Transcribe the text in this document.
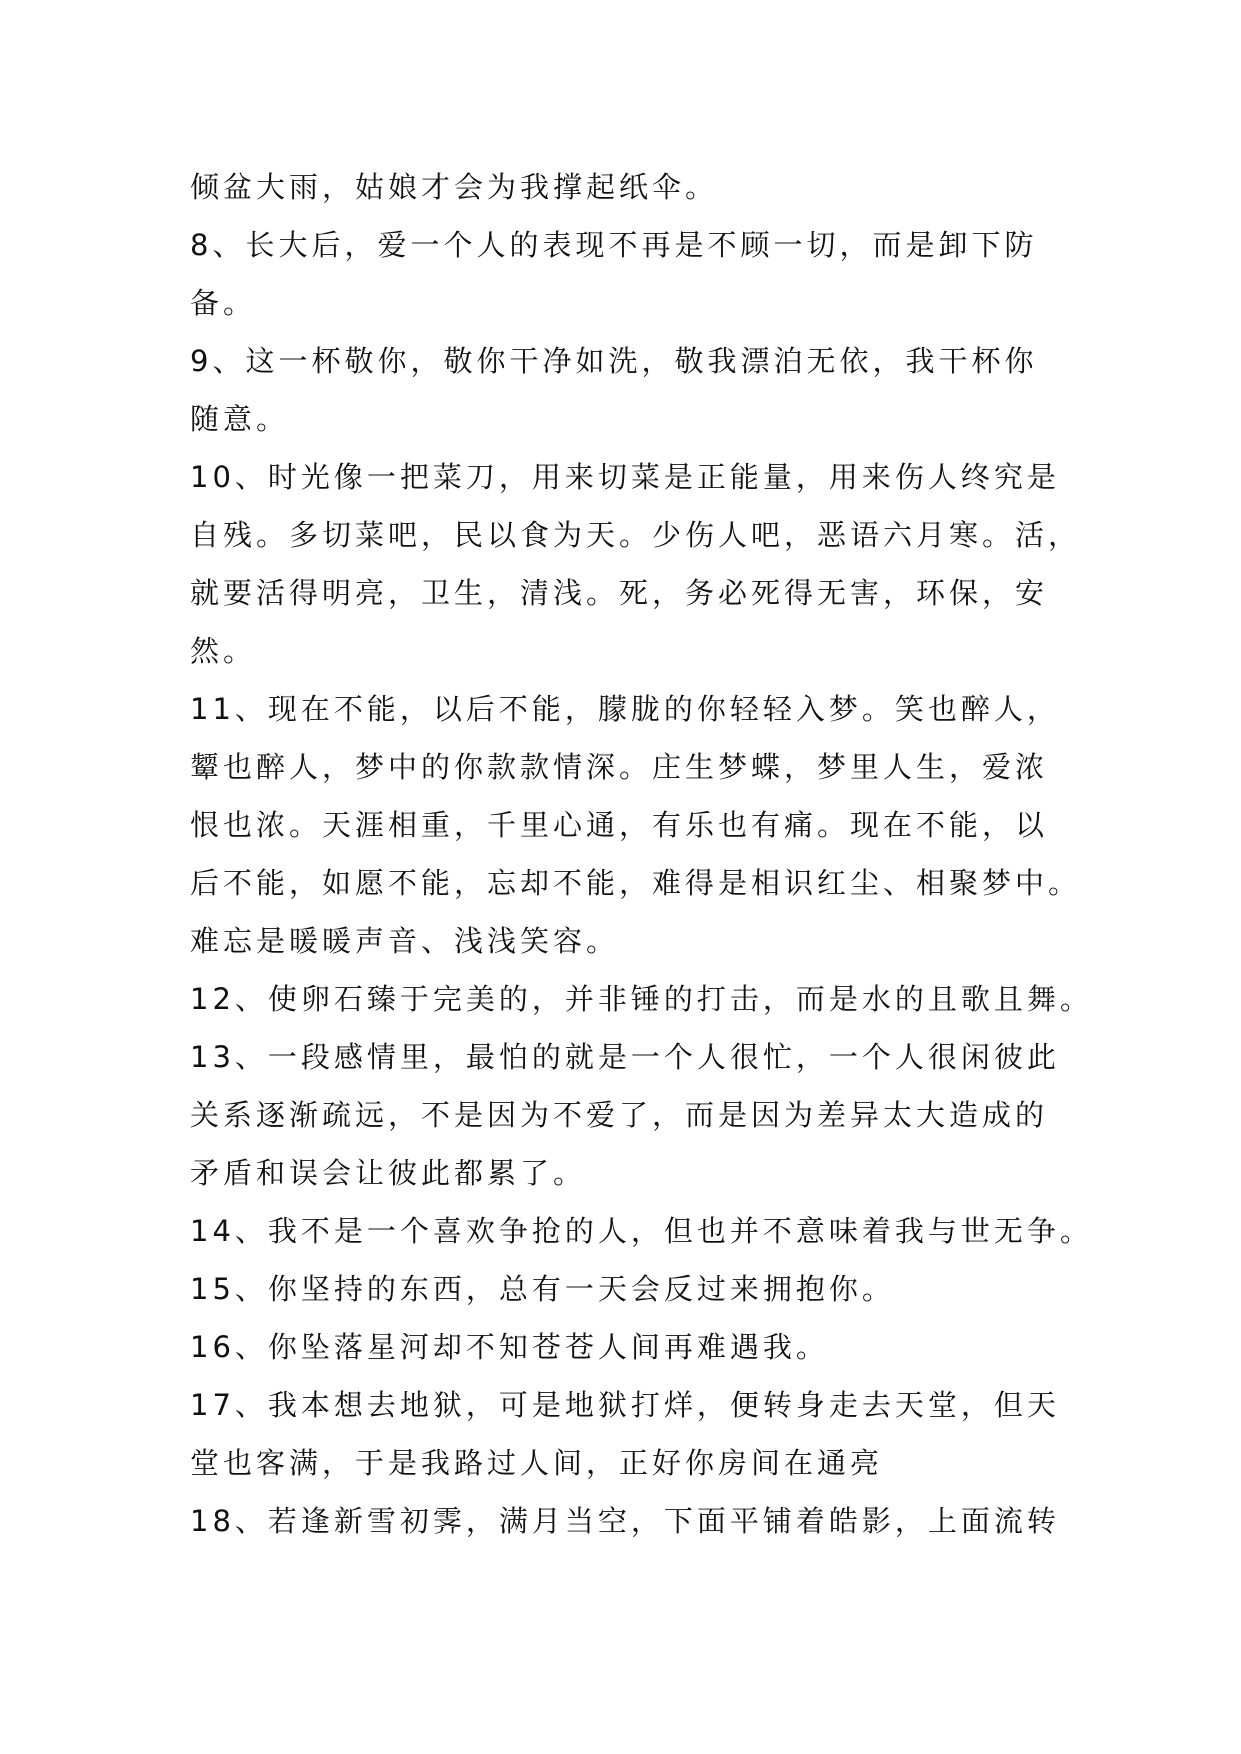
倾盆大雨，姑娘才会为我撑起纸伞。
8、长大后，爱一个人的表现不再是不顾一切，而是卸下防
备。
9、这一杯敬你，敬你干净如洗，敬我漂泊无依，我干杯你
随意。
10、时光像一把菜刀，用来切菜是正能量，用来伤人终究是
自残。多切菜吧，民以食为天。少伤人吧，恶语六月寒。活，
就要活得明亮，卫生，清浅。死，务必死得无害，环保，安
然。
11、现在不能，以后不能，朦胧的你轻轻入梦。笑也醉人，
颦也醉人，梦中的你款款情深。庄生梦蝶，梦里人生，爱浓
恨也浓。天涯相重，千里心通，有乐也有痛。现在不能，以
后不能，如愿不能，忘却不能，难得是相识红尘、相聚梦中。
难忘是暖暖声音、浅浅笑容。
12、使卵石臻于完美的，并非锤的打击，而是水的且歌且舞。
13、一段感情里，最怕的就是一个人很忙，一个人很闲彼此
关系逐渐疏远，不是因为不爱了，而是因为差异太大造成的
矛盾和误会让彼此都累了。
14、我不是一个喜欢争抢的人，但也并不意味着我与世无争。
15、你坚持的东西，总有一天会反过来拥抱你。
16、你坠落星河却不知苍苍人间再难遇我。
17、我本想去地狱，可是地狱打烊，便转身走去天堂，但天
堂也客满，于是我路过人间，正好你房间在通亮
18、若逢新雪初霁，满月当空，下面平铺着皓影，上面流转
